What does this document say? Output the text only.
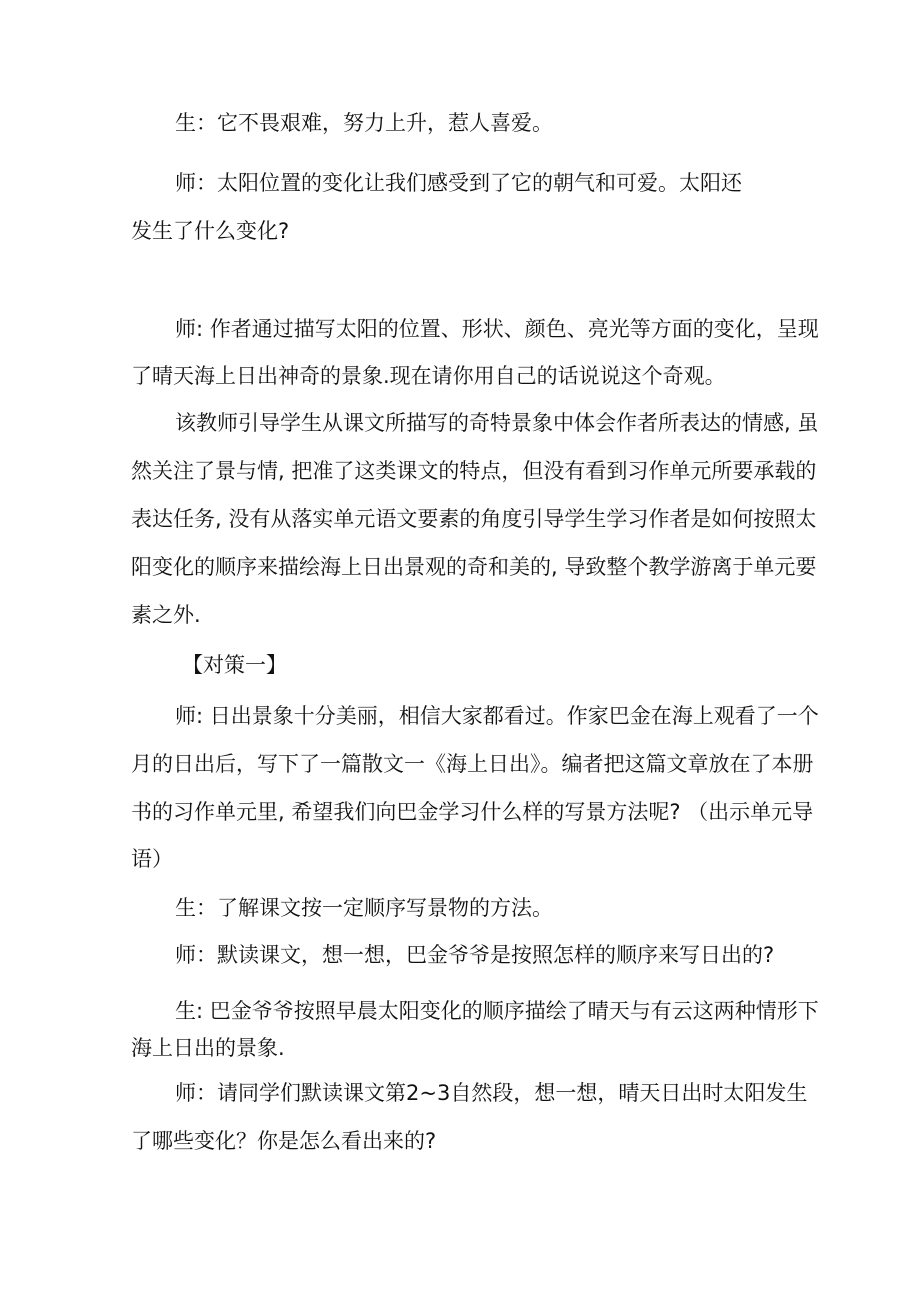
生：它不畏艰难，努力上升，惹人喜爱。

师：太阳位置的变化让我们感受到了它的朝气和可爱。太阳还

发生了什么变化?

师: 作者通过描写太阳的位置、形状、颜色、亮光等方面的变化，呈现

了晴天海上日出神奇的景象.现在请你用自己的话说说这个奇观。

该教师引导学生从课文所描写的奇特景象中体会作者所表达的情感, 虽

然关注了景与情, 把准了这类课文的特点，但没有看到习作单元所要承载的

表达任务, 没有从落实单元语文要素的角度引导学生学习作者是如何按照太

阳变化的顺序来描绘海上日出景观的奇和美的, 导致整个教学游离于单元要

素之外.

【对策一】

师: 日出景象十分美丽，相信大家都看过。作家巴金在海上观看了一个

月的日出后，写下了一篇散文一《海上日出》。编者把这篇文章放在了本册

书的习作单元里, 希望我们向巴金学习什么样的写景方法呢? （出示单元导

语）

生：了解课文按一定顺序写景物的方法。

师：默读课文，想一想，巴金爷爷是按照怎样的顺序来写日出的?

生: 巴金爷爷按照早晨太阳变化的顺序描绘了晴天与有云这两种情形下

海上日出的景象.

师：请同学们默读课文第2~3自然段，想一想，晴天日出时太阳发生

了哪些变化？你是怎么看出来的?
